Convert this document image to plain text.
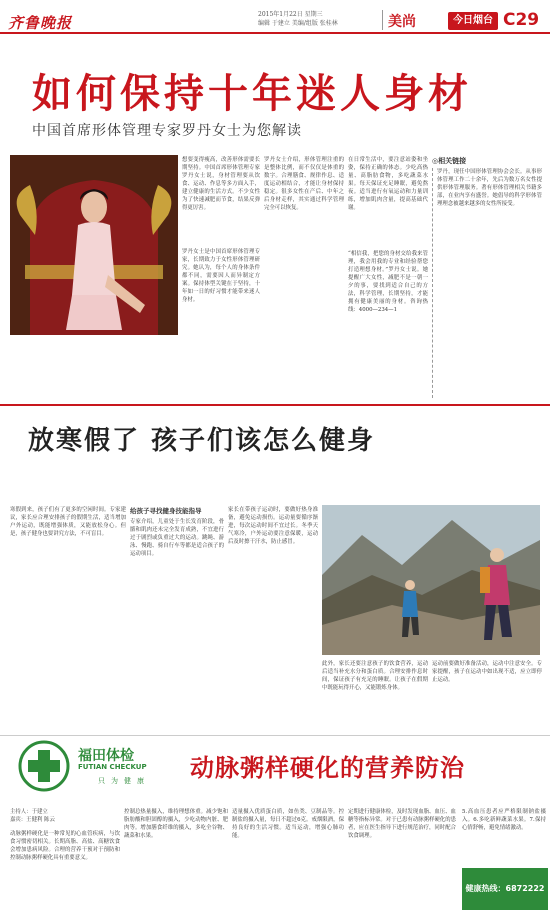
齐鲁晚报	2015年1月22日 星期三
编辑 于建立 美编/组版 张桂林	美尚	今日烟台 C29
如何保持十年迷人身材
中国首席形体管理专家罗丹女士为您解读
想要变得瘦高，改善形体需要长期坚持。中国首席形体管理专家罗丹女士说，身材管理要从饮食、运动、作息等多方面入手，建立健康的生活方式。不少女性为了快速减肥而节食，结果反弹得更厉害。
罗丹女士是中国首席形体管理专家，长期致力于女性形体管理研究。她认为，每个人的身体条件都不同，需要因人而异制定方案。保持体型关键在于坚持，十年如一日的好习惯才能带来迷人身材。
罗丹女士介绍，形体管理注重的是整体比例，而不仅仅是体重的数字。合理膳食、规律作息、适度运动相结合，才能让身材保持稳定。很多女性在产后、中年之后身材走样，其实通过科学管理完全可以恢复。
在日常生活中，要注意站姿和坐姿，保持正确的体态。少吃高热量、高脂肪食物，多吃蔬菜水果。每天保证充足睡眠，避免熬夜。适当进行有氧运动和力量训练，增加肌肉含量，提高基础代谢。
◎相关链接
罗丹，现任中国形体管理协会会长。从事形体管理工作二十余年，先后为数万名女性提供形体管理服务。著有形体管理相关书籍多部，在业内享有盛誉。她倡导的科学形体管理理念被越来越多的女性所接受。
“相信我，把您的身材交给我来管理，我会用我的专业和经验帮您打造理想身材。”罗丹女士说。她提醒广大女性，减肥不是一朝一夕的事，要找到适合自己的方法，科学管理，长期坚持，才能拥有健康美丽的身材。咨询热线：4000—234—1
放寒假了 孩子们该怎么健身
寒假到来，孩子们有了更多的空闲时间。专家建议，家长应合理安排孩子的假期生活，适当增加户外运动，既能增强体质，又能放松身心。但是，孩子健身也要讲究方法，不可盲目。
给孩子寻找健身技能指导
专家介绍，儿童处于生长发育阶段，骨骼和肌肉还未完全发育成熟，不宜进行过于剧烈或负重过大的运动。跳绳、游泳、慢跑、骑自行车等都是适合孩子的运动项目。
家长在带孩子运动时，要做好热身准备，避免运动损伤。运动量要循序渐进，每次运动时间不宜过长。冬季天气寒冷，户外运动要注意保暖，运动后及时擦干汗水，防止感冒。
此外，家长还要注意孩子的饮食营养，运动后适当补充水分和蛋白质。合理安排作息时间，保证孩子有充足的睡眠。让孩子在假期中既能玩得开心，又能锻炼身体。
运动前要做好准备活动，运动中注意安全。专家提醒，孩子在运动中如出现不适，应立即停止运动。
福田体检
FUTIAN CHECKUP
只为健康 动脉粥样硬化的营养防治
主持人：于建立
嘉宾：王健利 陈云
动脉粥样硬化是一种常见的心血管疾病，与饮食习惯密切相关。长期高脂、高盐、高糖饮食会增加患病风险。合理的营养干预对于预防和控制动脉粥样硬化具有重要意义。
控制总热量摄入，维持理想体重。减少饱和脂肪酸和胆固醇的摄入，少吃动物内脏、肥肉等。增加膳食纤维的摄入，多吃全谷物、蔬菜和水果。
适量摄入优质蛋白质，如鱼类、豆制品等。控制盐的摄入量，每日不超过6克。戒烟限酒，保持良好的生活习惯。适当运动，增强心肺功能。
定期进行健康体检，及时发现血脂、血压、血糖等指标异常。对于已患有动脉粥样硬化的患者，应在医生指导下进行规范治疗，同时配合饮食调理。
5.高血压患者应严格限制钠盐摄入。6.多吃新鲜蔬菜水果。7.保持心情舒畅，避免情绪激动。
健康热线：6872222
